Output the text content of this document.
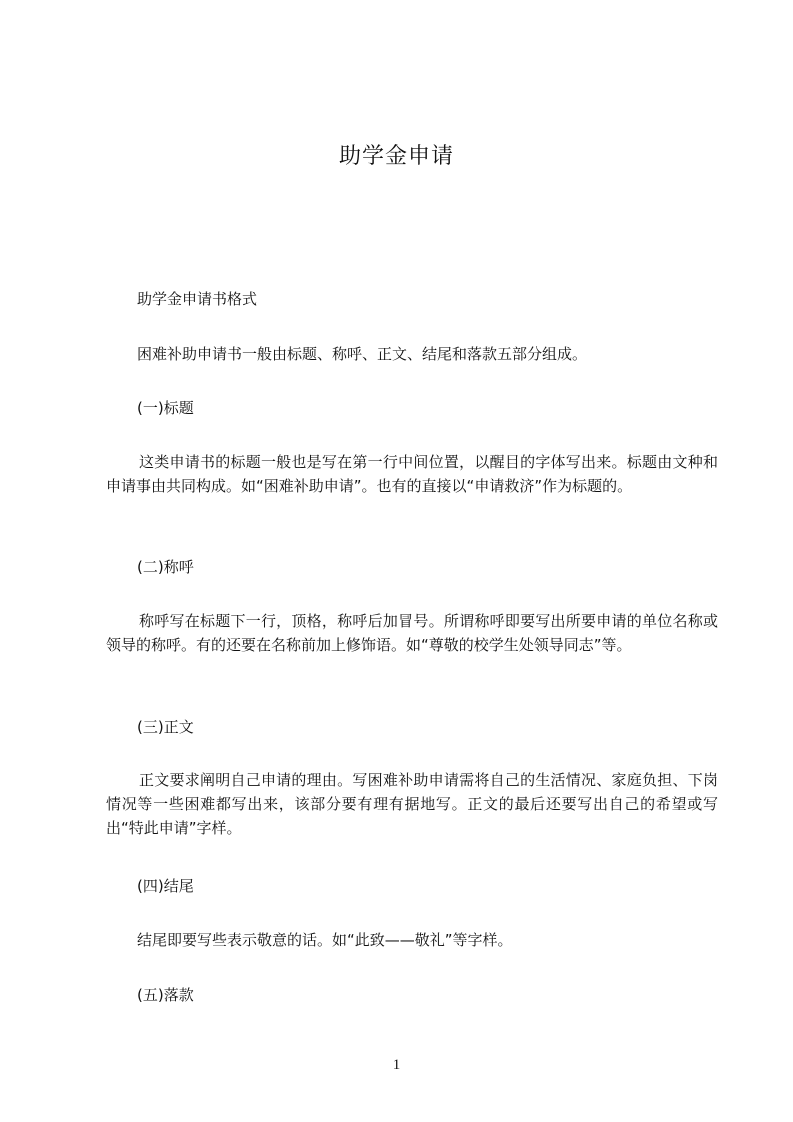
助学金申请
助学金申请书格式
困难补助申请书一般由标题、称呼、正文、结尾和落款五部分组成。
(一)标题

这类申请书的标题一般也是写在第一行中间位置，以醒目的字体写出来。标题由文种和申请事由共同构成。如“困难补助申请”。也有的直接以“申请救济”作为标题的。

(二)称呼

称呼写在标题下一行，顶格，称呼后加冒号。所谓称呼即要写出所要申请的单位名称或领导的称呼。有的还要在名称前加上修饰语。如“尊敬的校学生处领导同志”等。

(三)正文

正文要求阐明自己申请的理由。写困难补助申请需将自己的生活情况、家庭负担、下岗情况等一些困难都写出来，该部分要有理有据地写。正文的最后还要写出自己的希望或写出“特此申请”字样。

(四)结尾
结尾即要写些表示敬意的话。如“此致——敬礼”等字样。
(五)落款
1
